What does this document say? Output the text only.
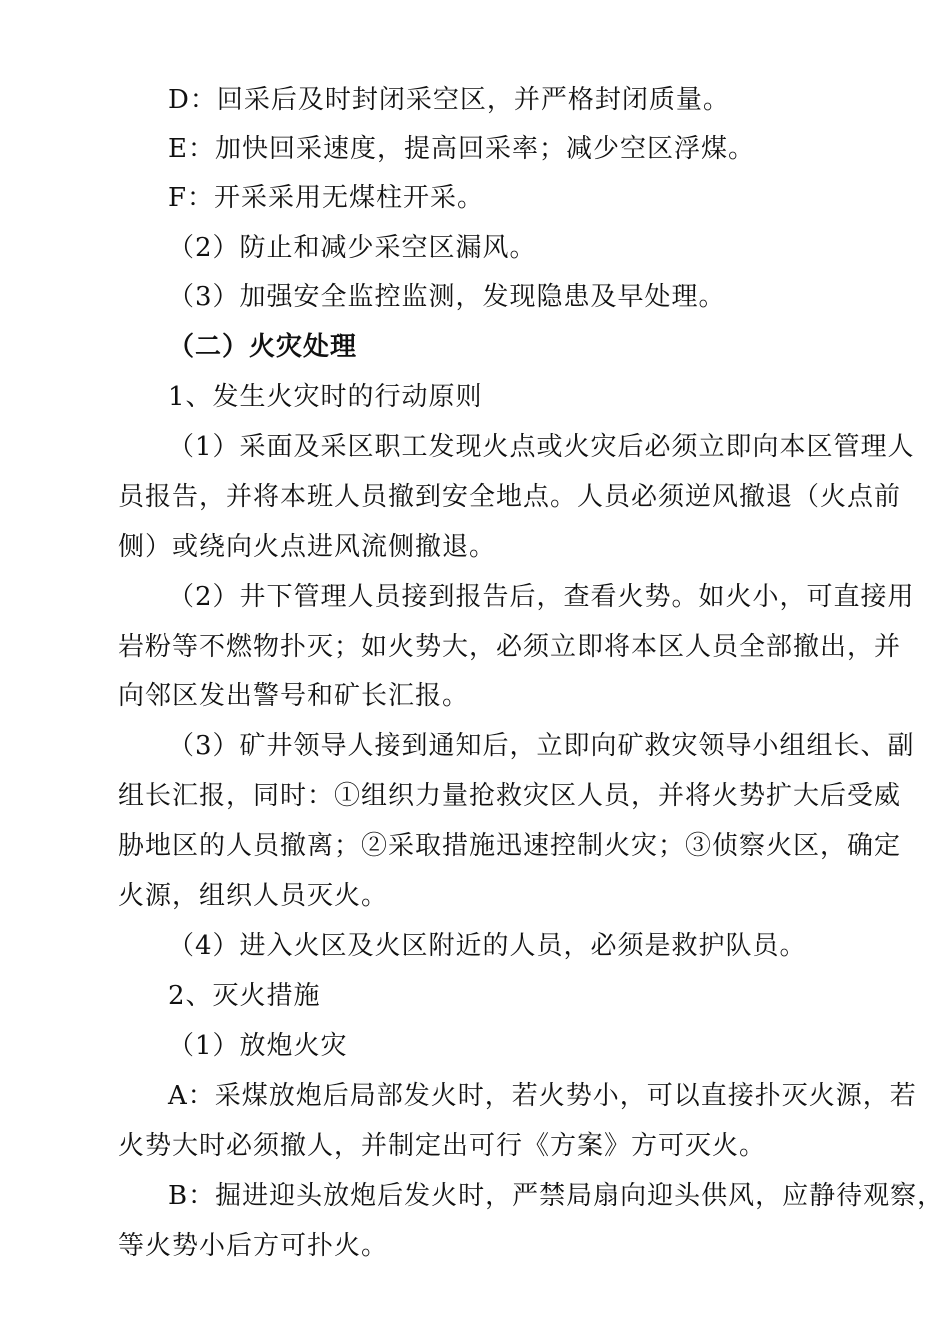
D：回采后及时封闭采空区，并严格封闭质量。
E：加快回采速度，提高回采率；减少空区浮煤。
F：开采采用无煤柱开采。
（2）防止和减少采空区漏风。
（3）加强安全监控监测，发现隐患及早处理。
（二）火灾处理
1、发生火灾时的行动原则
（1）采面及采区职工发现火点或火灾后必须立即向本区管理人
员报告，并将本班人员撤到安全地点。人员必须逆风撤退（火点前
侧）或绕向火点进风流侧撤退。
（2）井下管理人员接到报告后，查看火势。如火小，可直接用
岩粉等不燃物扑灭；如火势大，必须立即将本区人员全部撤出，并
向邻区发出警号和矿长汇报。
（3）矿井领导人接到通知后，立即向矿救灾领导小组组长、副
组长汇报，同时：①组织力量抢救灾区人员，并将火势扩大后受威
胁地区的人员撤离；②采取措施迅速控制火灾；③侦察火区，确定
火源，组织人员灭火。
（4）进入火区及火区附近的人员，必须是救护队员。
2、灭火措施
（1）放炮火灾
A：采煤放炮后局部发火时，若火势小，可以直接扑灭火源，若
火势大时必须撤人，并制定出可行《方案》方可灭火。
B：掘进迎头放炮后发火时，严禁局扇向迎头供风，应静待观察，
等火势小后方可扑火。
